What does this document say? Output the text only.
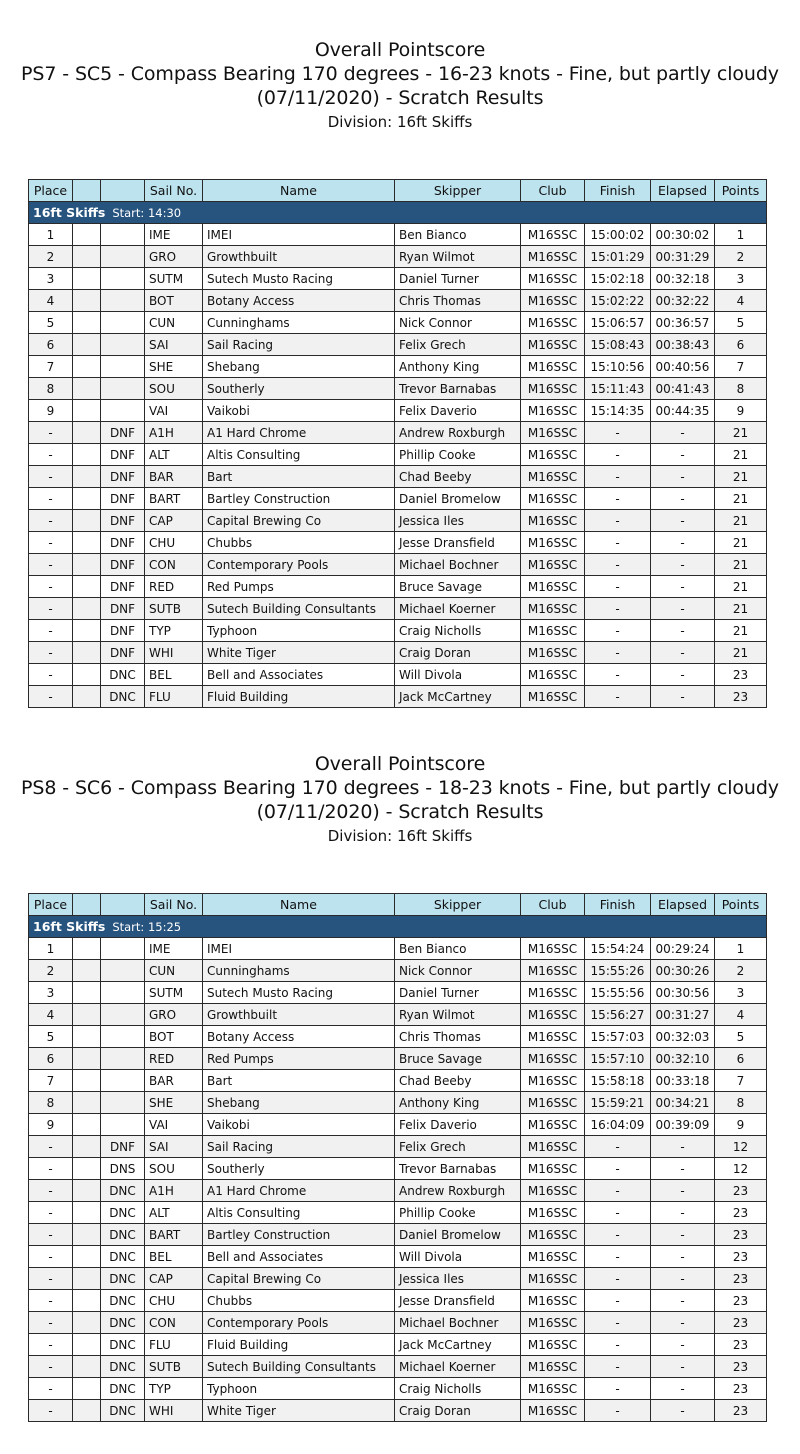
Overall Pointscore
PS7 - SC5 - Compass Bearing 170 degrees - 16-23 knots - Fine, but partly cloudy
(07/11/2020) - Scratch Results
Division: 16ft Skiffs
Place			Sail No.	Name	Skipper	Club	Finish	Elapsed	Points
16ft Skiffs Start: 14:30									
1			IME	IMEI	Ben Bianco	M16SSC	15:00:02	00:30:02	1
2			GRO	Growthbuilt	Ryan Wilmot	M16SSC	15:01:29	00:31:29	2
3			SUTM	Sutech Musto Racing	Daniel Turner	M16SSC	15:02:18	00:32:18	3
4			BOT	Botany Access	Chris Thomas	M16SSC	15:02:22	00:32:22	4
5			CUN	Cunninghams	Nick Connor	M16SSC	15:06:57	00:36:57	5
6			SAI	Sail Racing	Felix Grech	M16SSC	15:08:43	00:38:43	6
7			SHE	Shebang	Anthony King	M16SSC	15:10:56	00:40:56	7
8			SOU	Southerly	Trevor Barnabas	M16SSC	15:11:43	00:41:43	8
9			VAI	Vaikobi	Felix Daverio	M16SSC	15:14:35	00:44:35	9
-		DNF	A1H	A1 Hard Chrome	Andrew Roxburgh	M16SSC	-	-	21
-		DNF	ALT	Altis Consulting	Phillip Cooke	M16SSC	-	-	21
-		DNF	BAR	Bart	Chad Beeby	M16SSC	-	-	21
-		DNF	BART	Bartley Construction	Daniel Bromelow	M16SSC	-	-	21
-		DNF	CAP	Capital Brewing Co	Jessica Iles	M16SSC	-	-	21
-		DNF	CHU	Chubbs	Jesse Dransfield	M16SSC	-	-	21
-		DNF	CON	Contemporary Pools	Michael Bochner	M16SSC	-	-	21
-		DNF	RED	Red Pumps	Bruce Savage	M16SSC	-	-	21
-		DNF	SUTB	Sutech Building Consultants	Michael Koerner	M16SSC	-	-	21
-		DNF	TYP	Typhoon	Craig Nicholls	M16SSC	-	-	21
-		DNF	WHI	White Tiger	Craig Doran	M16SSC	-	-	21
-		DNC	BEL	Bell and Associates	Will Divola	M16SSC	-	-	23
-		DNC	FLU	Fluid Building	Jack McCartney	M16SSC	-	-	23
Overall Pointscore
PS8 - SC6 - Compass Bearing 170 degrees - 18-23 knots - Fine, but partly cloudy
(07/11/2020) - Scratch Results
Division: 16ft Skiffs
Place			Sail No.	Name	Skipper	Club	Finish	Elapsed	Points
16ft Skiffs Start: 15:25									
1			IME	IMEI	Ben Bianco	M16SSC	15:54:24	00:29:24	1
2			CUN	Cunninghams	Nick Connor	M16SSC	15:55:26	00:30:26	2
3			SUTM	Sutech Musto Racing	Daniel Turner	M16SSC	15:55:56	00:30:56	3
4			GRO	Growthbuilt	Ryan Wilmot	M16SSC	15:56:27	00:31:27	4
5			BOT	Botany Access	Chris Thomas	M16SSC	15:57:03	00:32:03	5
6			RED	Red Pumps	Bruce Savage	M16SSC	15:57:10	00:32:10	6
7			BAR	Bart	Chad Beeby	M16SSC	15:58:18	00:33:18	7
8			SHE	Shebang	Anthony King	M16SSC	15:59:21	00:34:21	8
9			VAI	Vaikobi	Felix Daverio	M16SSC	16:04:09	00:39:09	9
-		DNF	SAI	Sail Racing	Felix Grech	M16SSC	-	-	12
-		DNS	SOU	Southerly	Trevor Barnabas	M16SSC	-	-	12
-		DNC	A1H	A1 Hard Chrome	Andrew Roxburgh	M16SSC	-	-	23
-		DNC	ALT	Altis Consulting	Phillip Cooke	M16SSC	-	-	23
-		DNC	BART	Bartley Construction	Daniel Bromelow	M16SSC	-	-	23
-		DNC	BEL	Bell and Associates	Will Divola	M16SSC	-	-	23
-		DNC	CAP	Capital Brewing Co	Jessica Iles	M16SSC	-	-	23
-		DNC	CHU	Chubbs	Jesse Dransfield	M16SSC	-	-	23
-		DNC	CON	Contemporary Pools	Michael Bochner	M16SSC	-	-	23
-		DNC	FLU	Fluid Building	Jack McCartney	M16SSC	-	-	23
-		DNC	SUTB	Sutech Building Consultants	Michael Koerner	M16SSC	-	-	23
-		DNC	TYP	Typhoon	Craig Nicholls	M16SSC	-	-	23
-		DNC	WHI	White Tiger	Craig Doran	M16SSC	-	-	23
